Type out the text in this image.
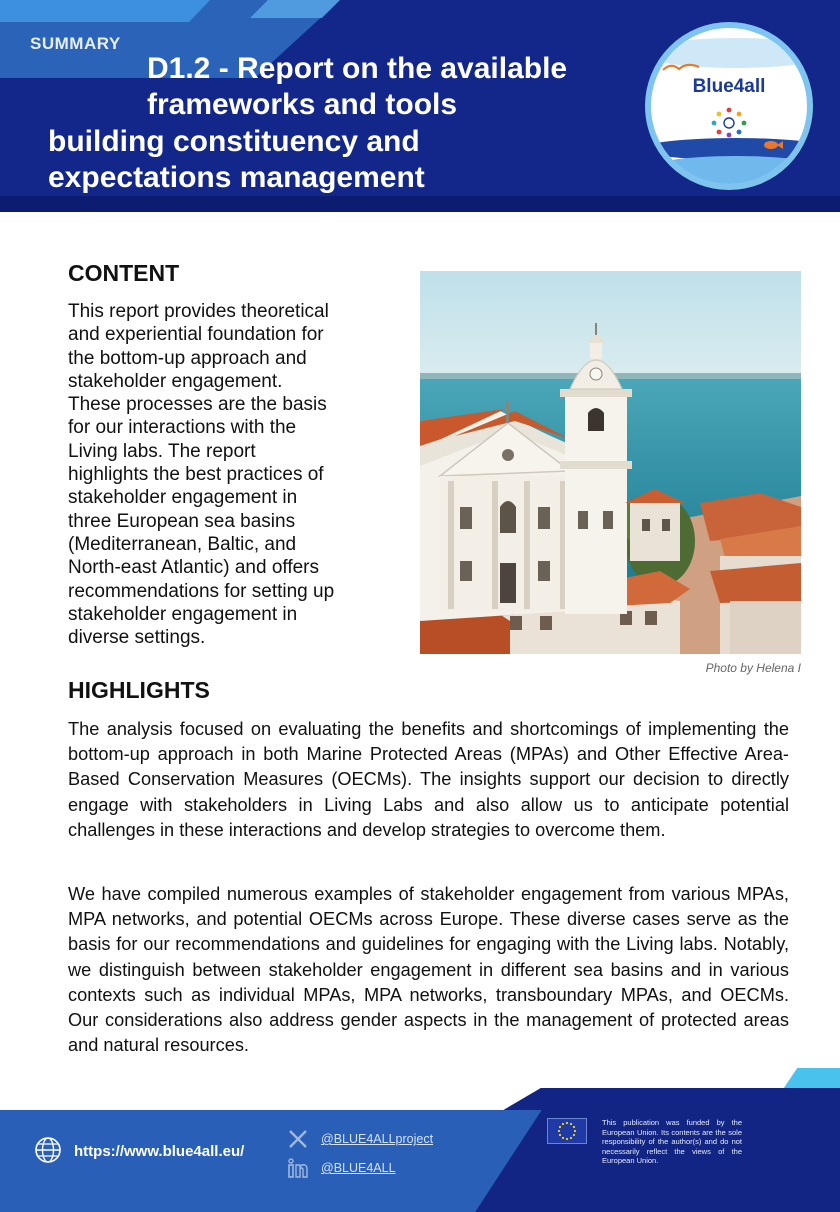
SUMMARY
D1.2 - Report on the available
frameworks and tools
building constituency and
expectations management
Blue4all
CONTENT
This report provides theoretical
and experiential foundation for
the bottom-up approach and
stakeholder engagement.
These processes are the basis
for our interactions with the
Living labs. The report
highlights the best practices of
stakeholder engagement in
three European sea basins
(Mediterranean, Baltic, and
North-east Atlantic) and offers
recommendations for setting up
stakeholder engagement in
diverse settings.
Photo by Helena I
HIGHLIGHTS

The analysis focused on evaluating the benefits and shortcomings of implementing the bottom-up approach in both Marine Protected Areas (MPAs) and Other Effective Area-Based Conservation Measures (OECMs). The insights support our decision to directly engage with stakeholders in Living Labs and also allow us to anticipate potential challenges in these interactions and develop strategies to overcome them.

We have compiled numerous examples of stakeholder engagement from various MPAs, MPA networks, and potential OECMs across Europe. These diverse cases serve as the basis for our recommendations and guidelines for engaging with the Living labs. Notably, we distinguish between stakeholder engagement in different sea basins and in various contexts such as individual MPAs, MPA networks, transboundary MPAs, and OECMs. Our considerations also address gender aspects in the management of protected areas and natural resources.

https://www.blue4all.eu/
@BLUE4ALLproject
@BLUE4ALL
This publication was funded by the European Union. Its contents are the sole responsibility of the author(s) and do not necessarily reflect the views of the European Union.
